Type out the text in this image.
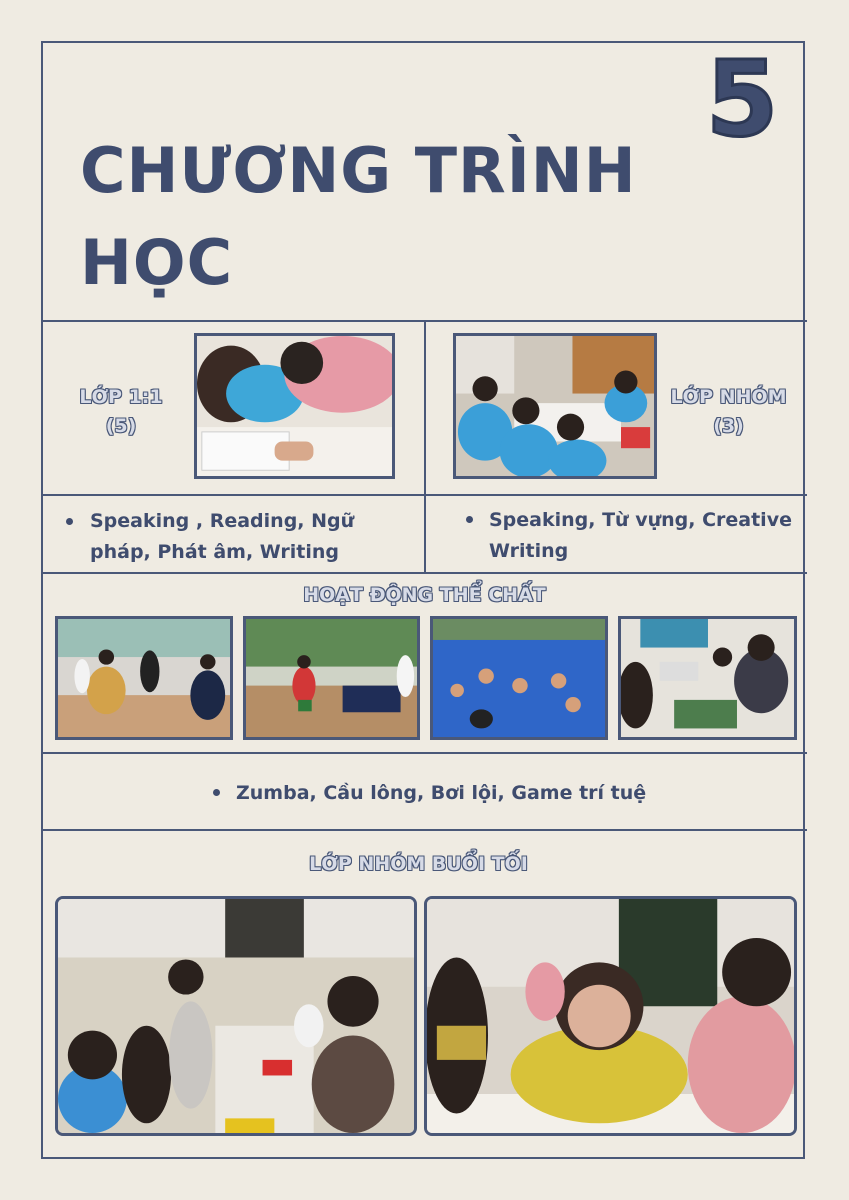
CHƯƠNG TRÌNH
HỌC
5
LỚP 1:1
(5)
LỚP NHÓM
(3)
Speaking , Reading, Ngữ pháp, Phát âm, Writing
Speaking, Từ vựng, Creative Writing
HOẠT ĐỘNG THỂ CHẤT
Zumba, Cầu lông, Bơi lội, Game trí tuệ
LỚP NHÓM BUỔI TỐI
